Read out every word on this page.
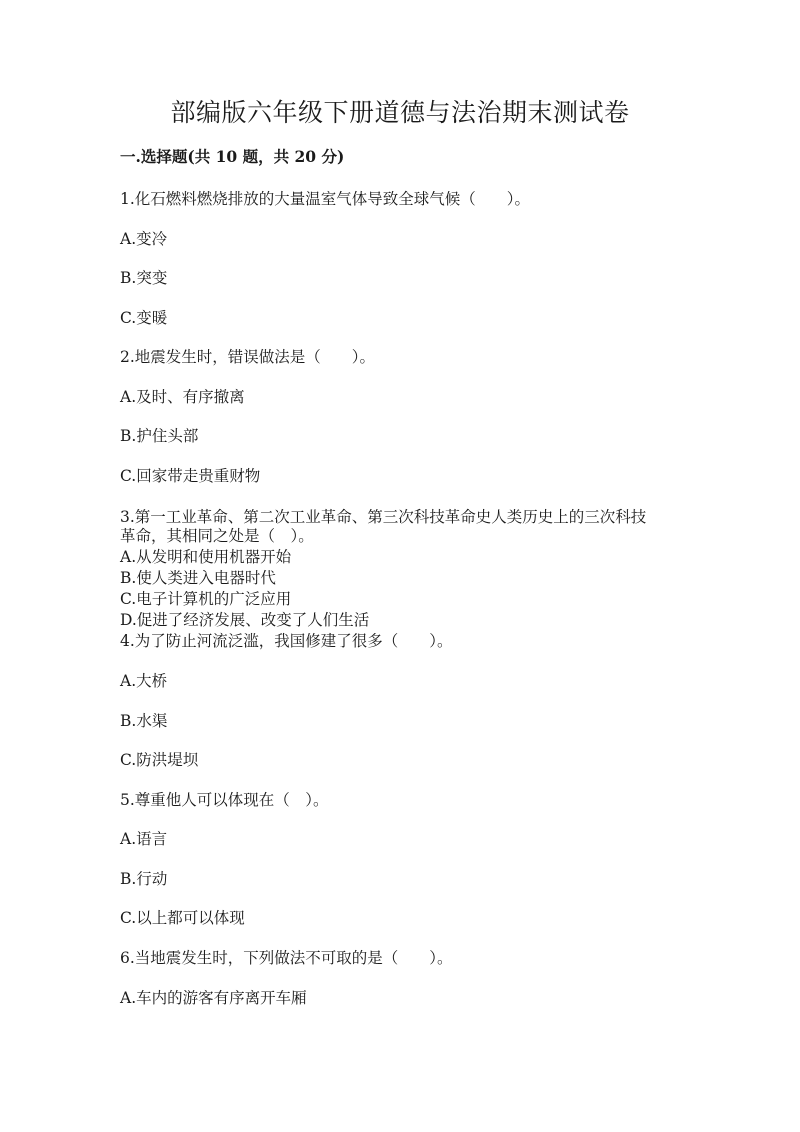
部编版六年级下册道德与法治期末测试卷
一.选择题(共 10 题，共 20 分)
1.化石燃料燃烧排放的大量温室气体导致全球气候（　　）。
A.变冷
B.突变
C.变暖
2.地震发生时，错误做法是（　　）。
A.及时、有序撤离
B.护住头部
C.回家带走贵重财物
3.第一工业革命、第二次工业革命、第三次科技革命史人类历史上的三次科技
革命，其相同之处是（　）。
A.从发明和使用机器开始
B.使人类进入电器时代
C.电子计算机的广泛应用
D.促进了经济发展、改变了人们生活
4.为了防止河流泛滥，我国修建了很多（　　）。
A.大桥
B.水渠
C.防洪堤坝
5.尊重他人可以体现在（　）。
A.语言
B.行动
C.以上都可以体现
6.当地震发生时，下列做法不可取的是（　　）。
A.车内的游客有序离开车厢
